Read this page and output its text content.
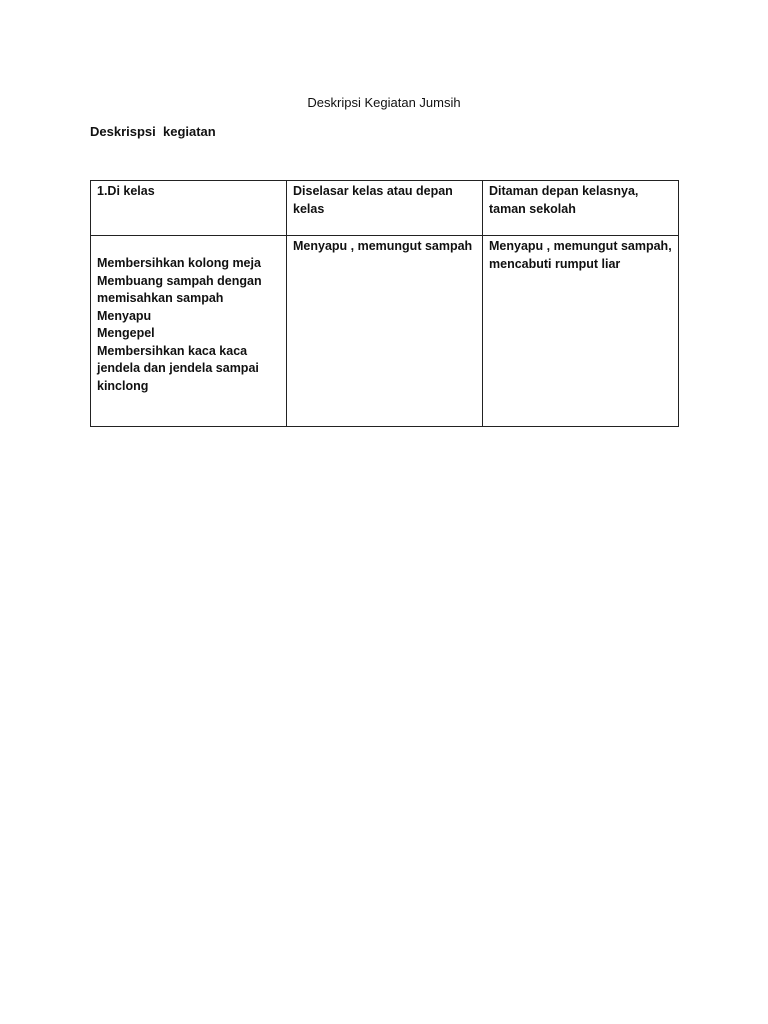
Deskripsi Kegiatan Jumsih
Deskrispsi  kegiatan
1.Di kelas	Diselasar kelas atau depan kelas	Ditaman depan kelasnya, taman sekolah

Membersihkan kolong meja
Membuang sampah dengan memisahkan sampah
Menyapu
Mengepel
Membersihkan kaca kaca jendela dan jendela sampai kinclong	Menyapu , memungut sampah	Menyapu , memungut sampah, mencabuti rumput liar
